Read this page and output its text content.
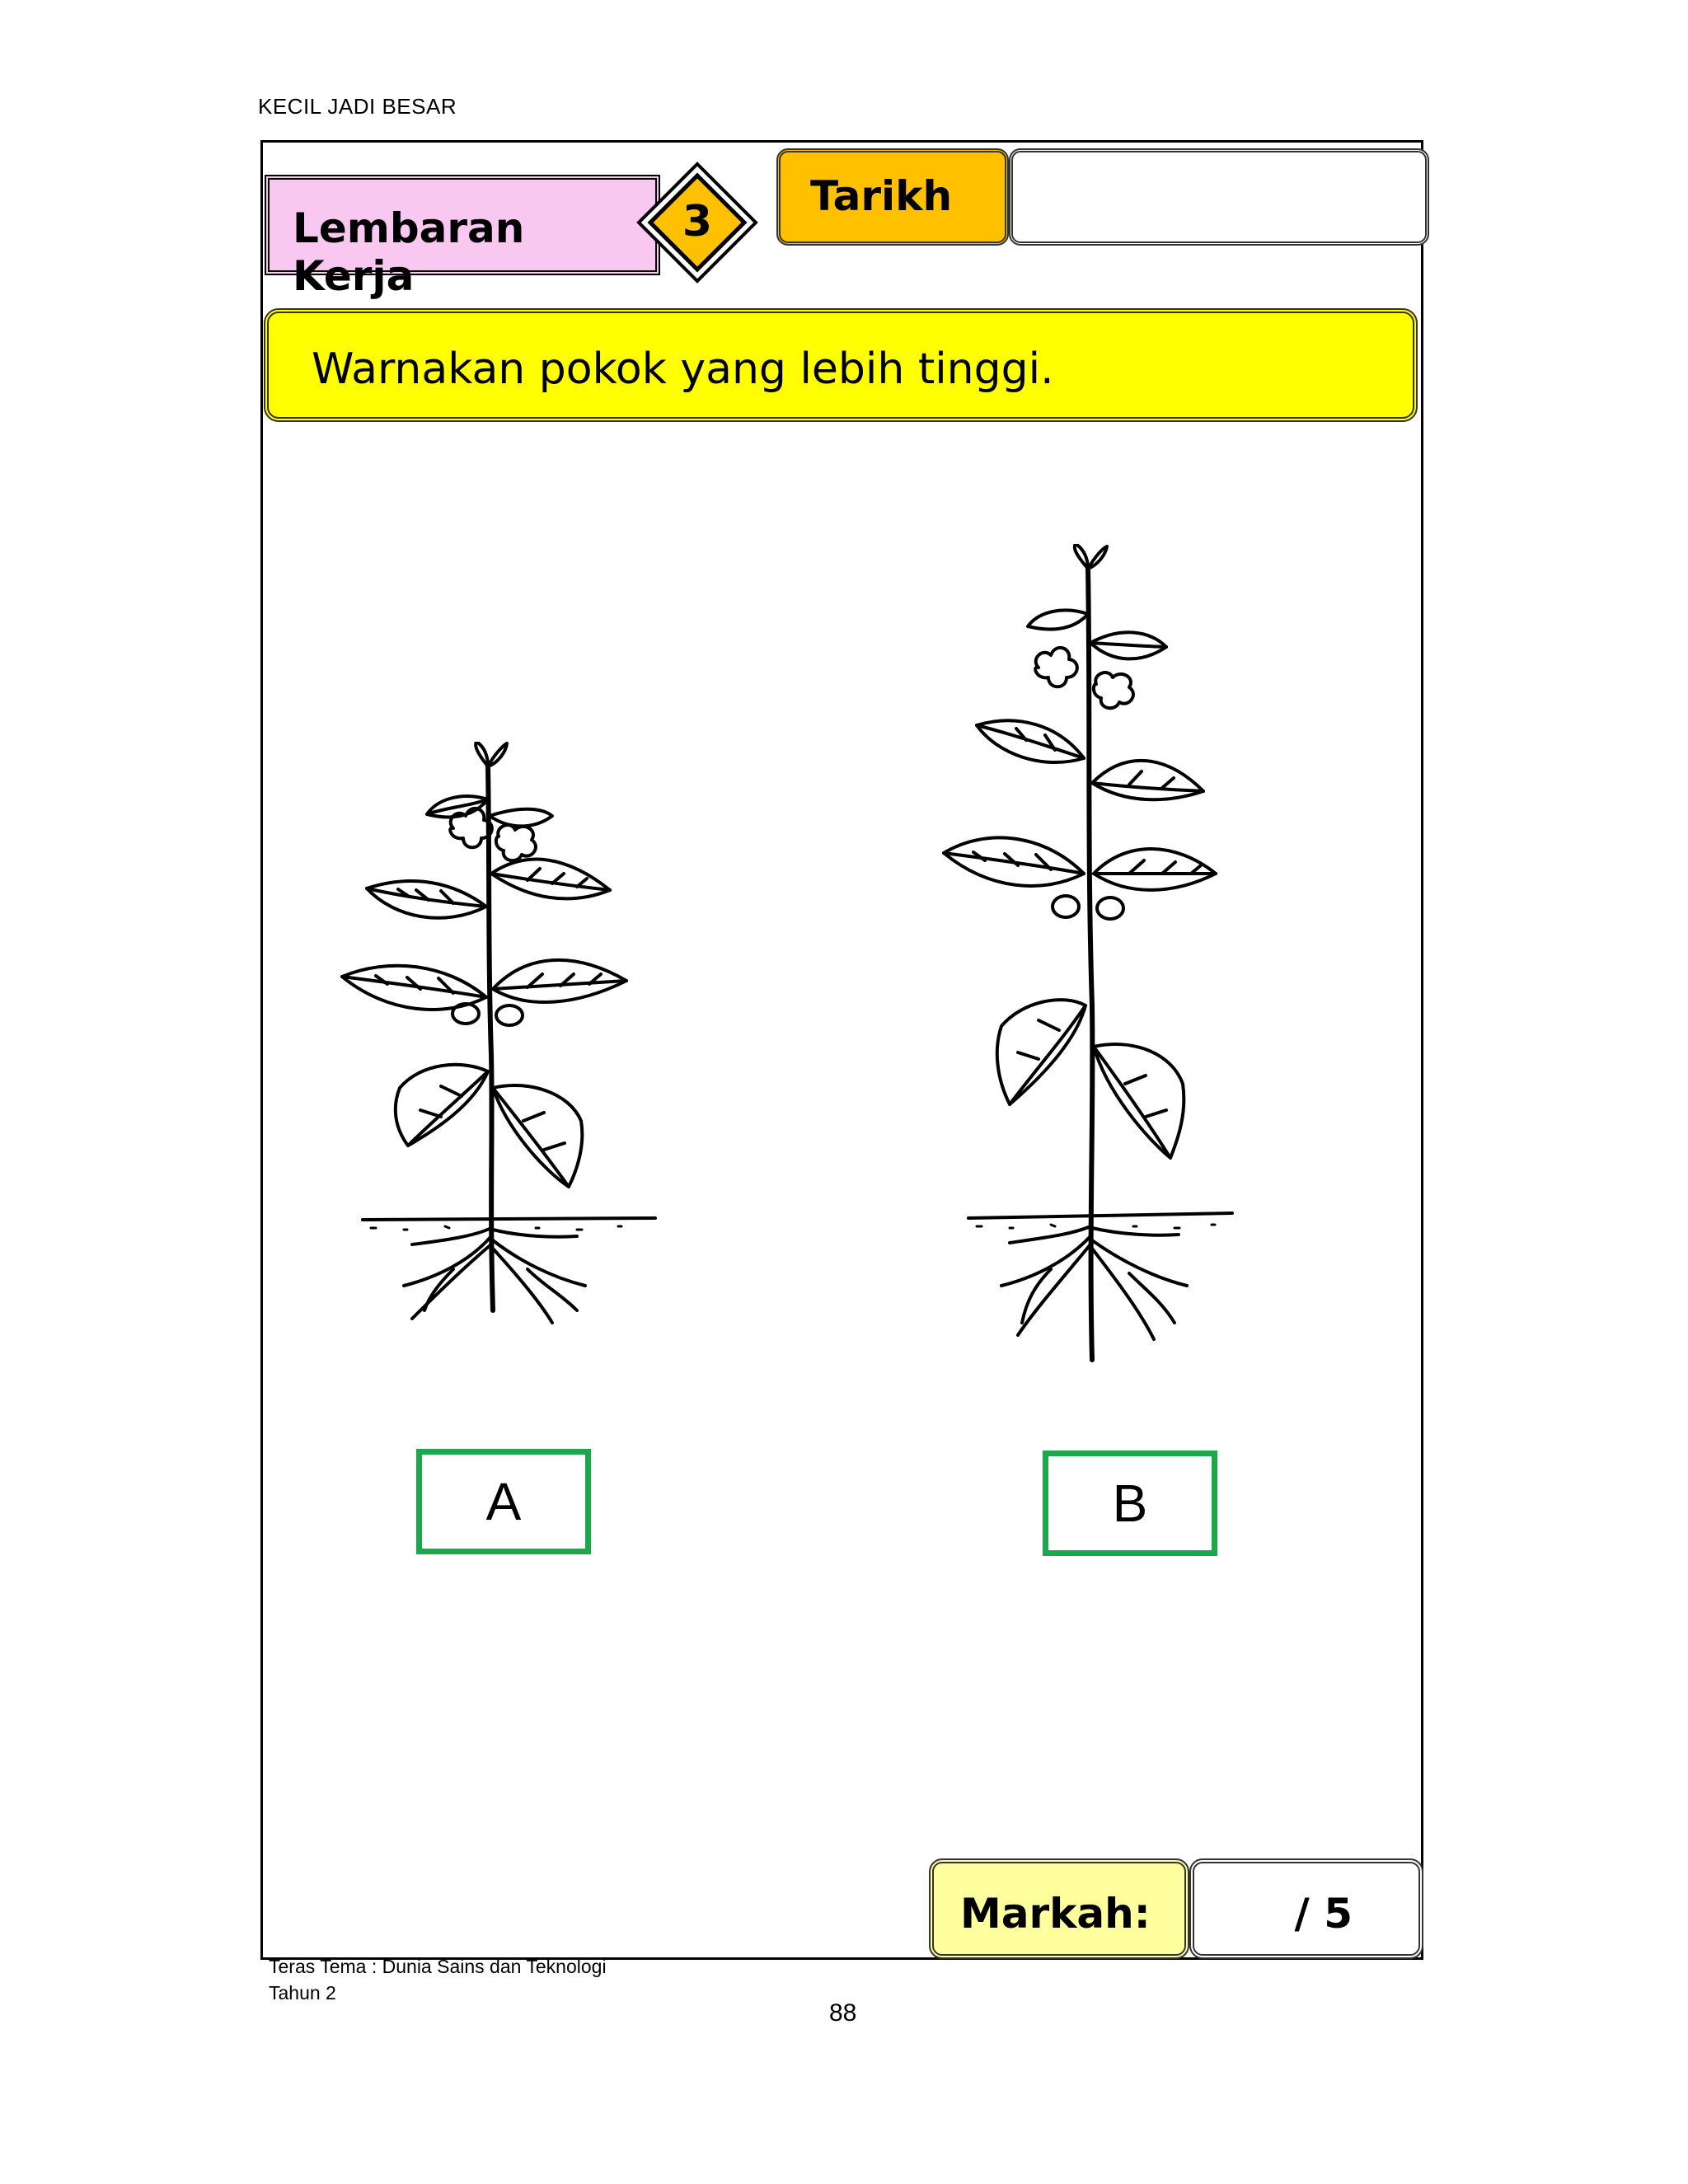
KECIL JADI BESAR
Lembaran Kerja
3
Tarikh
Warnakan pokok yang lebih tinggi.
A	B
Markah:	/ 5
Teras Tema : Dunia Sains dan Teknologi
Tahun 2
88
